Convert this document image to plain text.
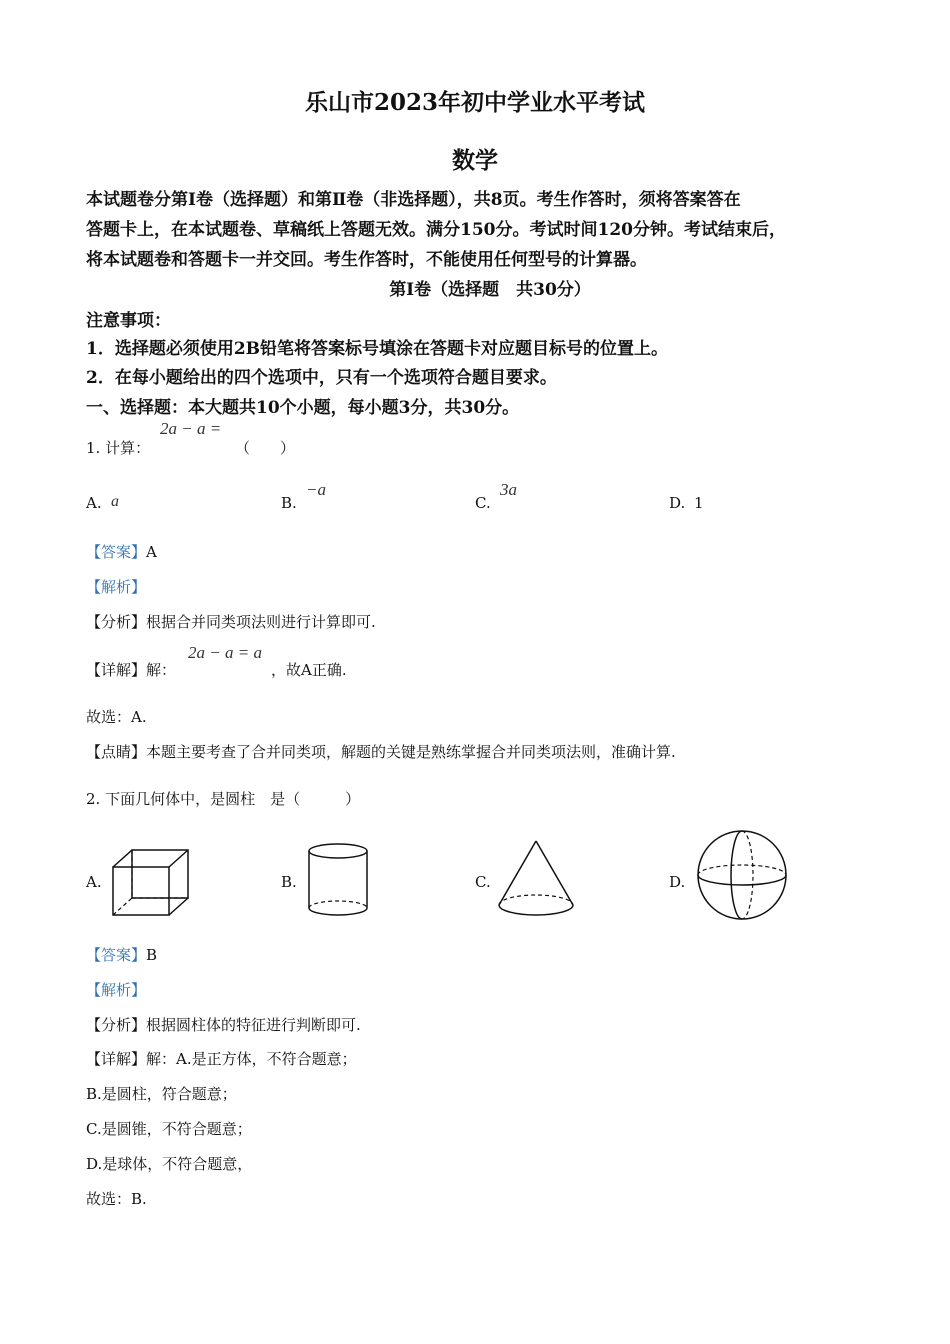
乐山市2023年初中学业水平考试
数学
本试题卷分第Ⅰ卷（选择题）和第Ⅱ卷（非选择题），共8页。考生作答时，须将答案答在
答题卡上，在本试题卷、草稿纸上答题无效。满分150分。考试时间120分钟。考试结束后，
将本试题卷和答题卡一并交回。考生作答时，不能使用任何型号的计算器。
第Ⅰ卷（选择题　共30分）
注意事项：
1．选择题必须使用2B铅笔将答案标号填涂在答题卡对应题目标号的位置上。
2．在每小题给出的四个选项中，只有一个选项符合题目要求。
一、选择题：本大题共10个小题，每小题3分，共30分。
1. 计算：
2a − a =
（　　）
A. a	B.
−a
C.
3a
D. 1
【答案】A
【解析】
【分析】根据合并同类项法则进行计算即可.
【详解】解：
2a − a = a
，故A正确.
故选：A.
【点睛】本题主要考查了合并同类项，解题的关键是熟练掌握合并同类项法则，准确计算.
2. 下面几何体中，是圆柱　是（　　　）
A.	B.	C.	D.
【答案】B
【解析】
【分析】根据圆柱体的特征进行判断即可.
【详解】解：A.是正方体，不符合题意；
B.是圆柱，符合题意；
C.是圆锥，不符合题意；
D.是球体，不符合题意，
故选：B.
